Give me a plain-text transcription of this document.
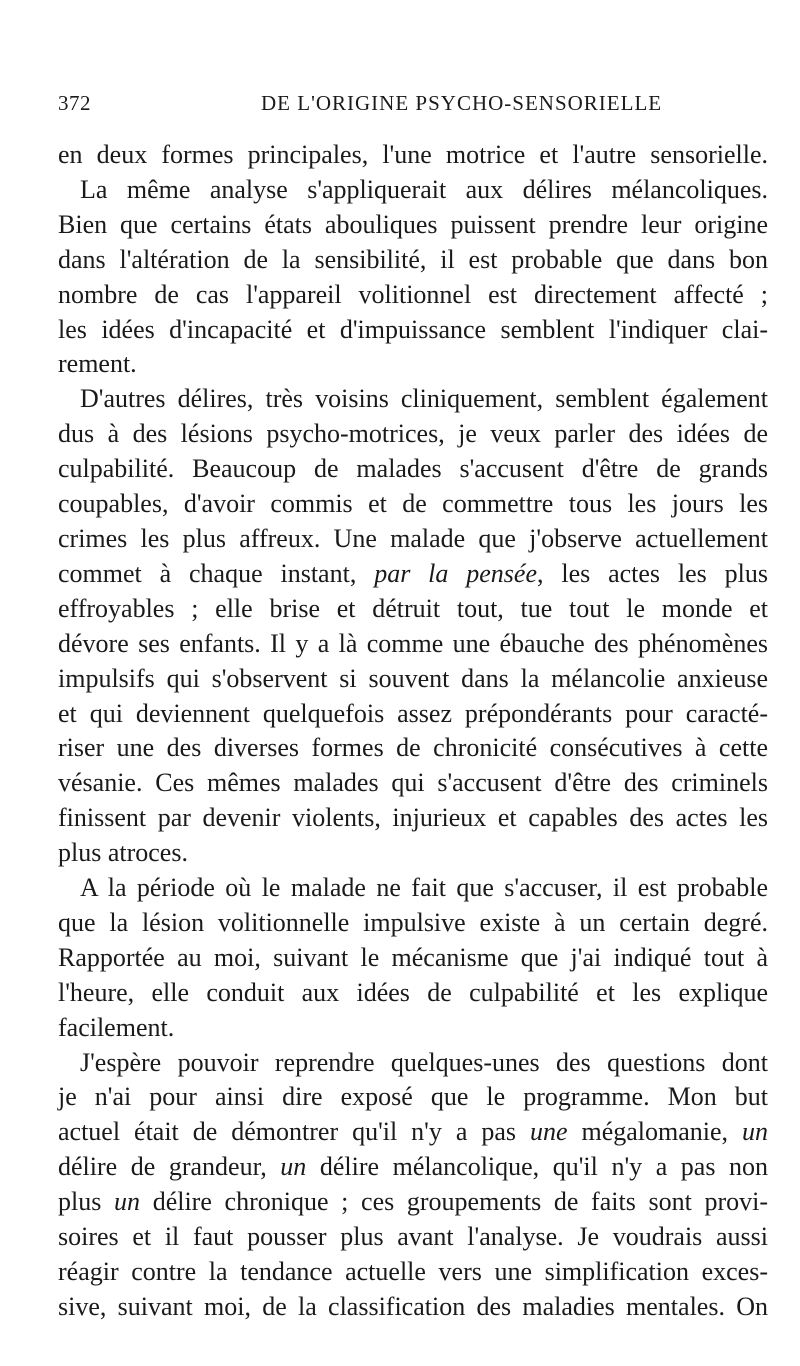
372	DE L'ORIGINE PSYCHO-SENSORIELLE

en deux formes principales, l'une motrice et l'autre sensorielle.

La même analyse s'appliquerait aux délires mélancoliques.
Bien que certains états abouliques puissent prendre leur origine
dans l'altération de la sensibilité, il est probable que dans bon
nombre de cas l'appareil volitionnel est directement affecté ;
les idées d'incapacité et d'impuissance semblent l'indiquer clai-
rement.

D'autres délires, très voisins cliniquement, semblent également
dus à des lésions psycho-motrices, je veux parler des idées de
culpabilité. Beaucoup de malades s'accusent d'être de grands
coupables, d'avoir commis et de commettre tous les jours les
crimes les plus affreux. Une malade que j'observe actuellement
commet à chaque instant, par la pensée, les actes les plus
effroyables ; elle brise et détruit tout, tue tout le monde et
dévore ses enfants. Il y a là comme une ébauche des phénomènes
impulsifs qui s'observent si souvent dans la mélancolie anxieuse
et qui deviennent quelquefois assez prépondérants pour caracté-
riser une des diverses formes de chronicité consécutives à cette
vésanie. Ces mêmes malades qui s'accusent d'être des criminels
finissent par devenir violents, injurieux et capables des actes les
plus atroces.

A la période où le malade ne fait que s'accuser, il est probable
que la lésion volitionnelle impulsive existe à un certain degré.
Rapportée au moi, suivant le mécanisme que j'ai indiqué tout à
l'heure, elle conduit aux idées de culpabilité et les explique
facilement.

J'espère pouvoir reprendre quelques-unes des questions dont
je n'ai pour ainsi dire exposé que le programme. Mon but
actuel était de démontrer qu'il n'y a pas une mégalomanie, un
délire de grandeur, un délire mélancolique, qu'il n'y a pas non
plus un délire chronique ; ces groupements de faits sont provi-
soires et il faut pousser plus avant l'analyse. Je voudrais aussi
réagir contre la tendance actuelle vers une simplification exces-
sive, suivant moi, de la classification des maladies mentales. On
